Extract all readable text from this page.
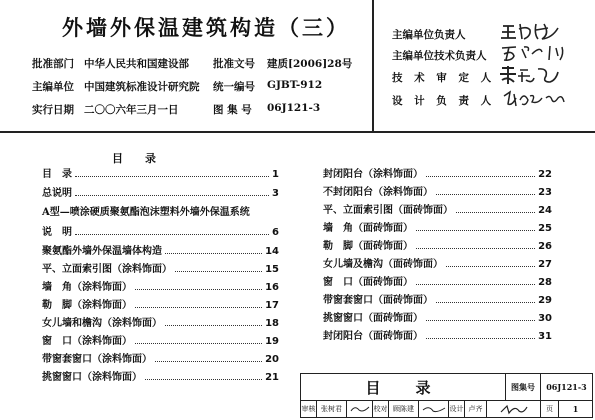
外墙外保温建筑构造（三）
批准部门 中华人民共和国建设部 批准文号 建质[2006]28号
主编单位 中国建筑标准设计研究院 统一编号 GJBT-912
实行日期 二〇〇六年三月一日	图 集 号 06J121-3
主编单位负责人
主编单位技术负责人
技 术 审 定 人
设 计 负 责 人
目　　录
目　录	1
总说明	3
A型—喷涂硬质聚氨酯泡沫塑料外墙外保温系统
说　明	6
聚氨酯外墙外保温墙体构造	14
平、立面索引图（涂料饰面）	15
墙　角（涂料饰面）	16
勒　脚（涂料饰面）	17
女儿墙和檐沟（涂料饰面）	18
窗　口（涂料饰面）	19
带窗套窗口（涂料饰面）	20
挑窗窗口（涂料饰面）	21
封闭阳台（涂料饰面）	22
不封闭阳台（涂料饰面）	23
平、立面索引图（面砖饰面）	24
墙　角（面砖饰面）	25
勒　脚（面砖饰面）	26
女儿墙及檐沟（面砖饰面）	27
窗　口（面砖饰面）	28
带窗套窗口（面砖饰面）	29
挑窗窗口（面砖饰面）	30
封闭阳台（面砖饰面）	31
目　录	图集号	06J121-3
审核 张树君	校对 顾陈建	设计 卢齐	页	1
